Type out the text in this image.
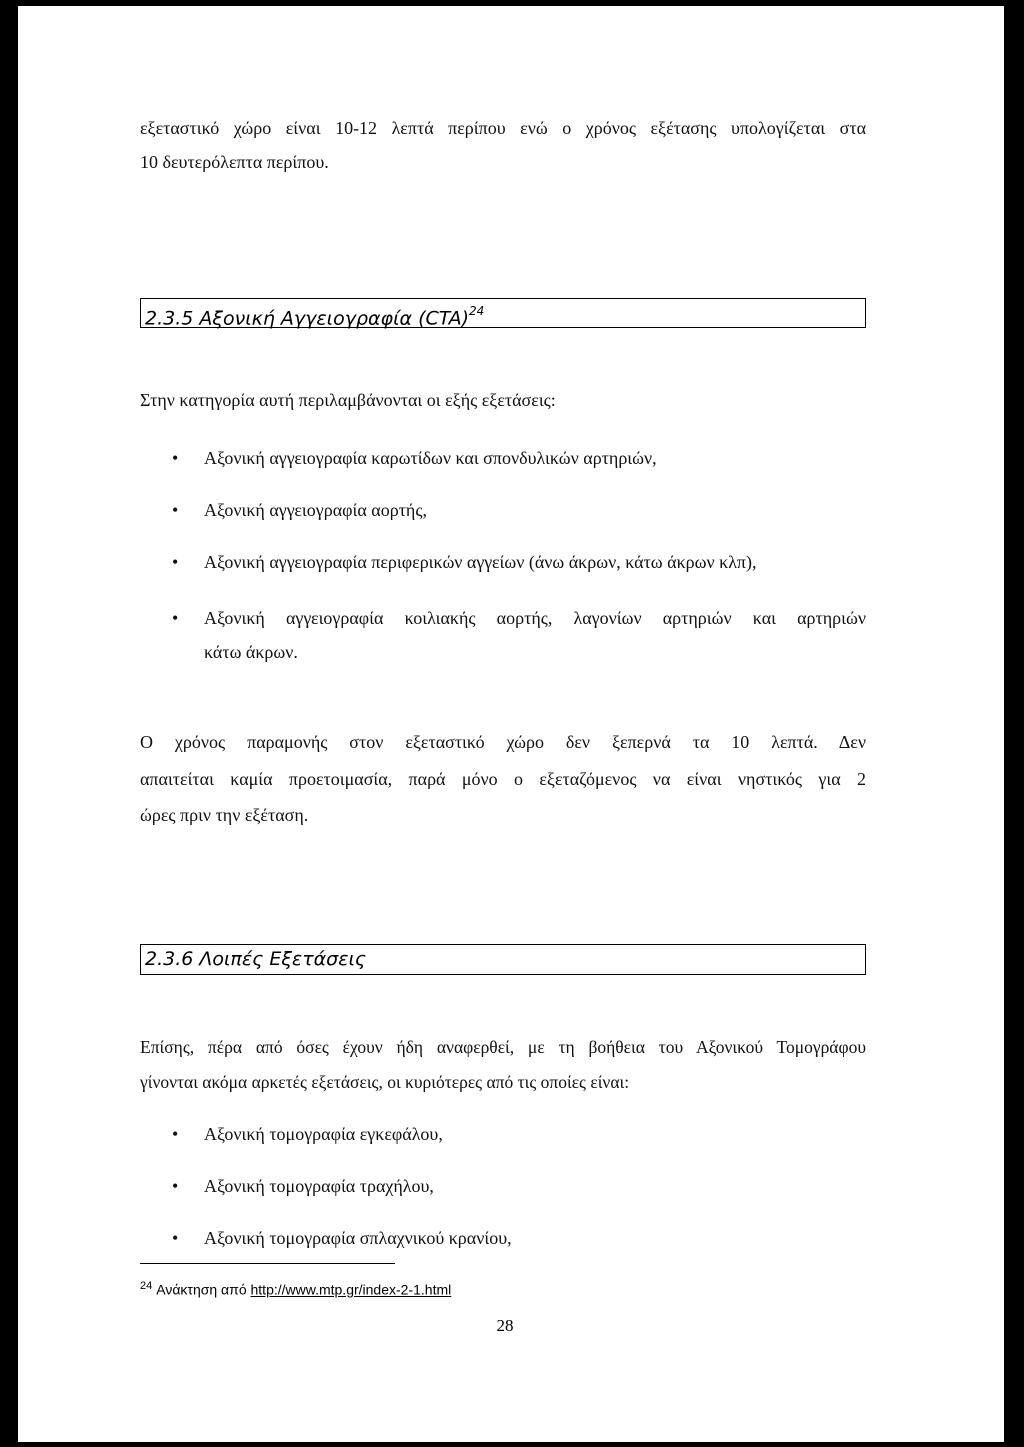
εξεταστικό χώρο είναι 10-12 λεπτά περίπου ενώ ο χρόνος εξέτασης υπολογίζεται στα
10 δευτερόλεπτα περίπου.
2.3.5 Αξονική Αγγειογραφία (CTA)$^{24}$
Στην κατηγορία αυτή περιλαμβάνονται οι εξής εξετάσεις:
•
Αξονική αγγειογραφία καρωτίδων και σπονδυλικών αρτηριών,
•
Αξονική αγγειογραφία αορτής,
•
Αξονική αγγειογραφία περιφερικών αγγείων (άνω άκρων, κάτω άκρων κλπ),
•
Αξονική αγγειογραφία κοιλιακής αορτής, λαγονίων αρτηριών και αρτηριών
κάτω άκρων.
Ο χρόνος παραμονής στον εξεταστικό χώρο δεν ξεπερνά τα 10 λεπτά. Δεν
απαιτείται καμία προετοιμασία, παρά μόνο ο εξεταζόμενος να είναι νηστικός για 2
ώρες πριν την εξέταση.
2.3.6 Λοιπές Εξετάσεις
Επίσης, πέρα από όσες έχουν ήδη αναφερθεί, με τη βοήθεια του Αξονικού Τομογράφου
γίνονται ακόμα αρκετές εξετάσεις, οι κυριότερες από τις οποίες είναι:
•
Αξονική τομογραφία εγκεφάλου,
•
Αξονική τομογραφία τραχήλου,
•
Αξονική τομογραφία σπλαχνικού κρανίου,
$^{24}$ Ανάκτηση από http://www.mtp.gr/index-2-1.html
28
